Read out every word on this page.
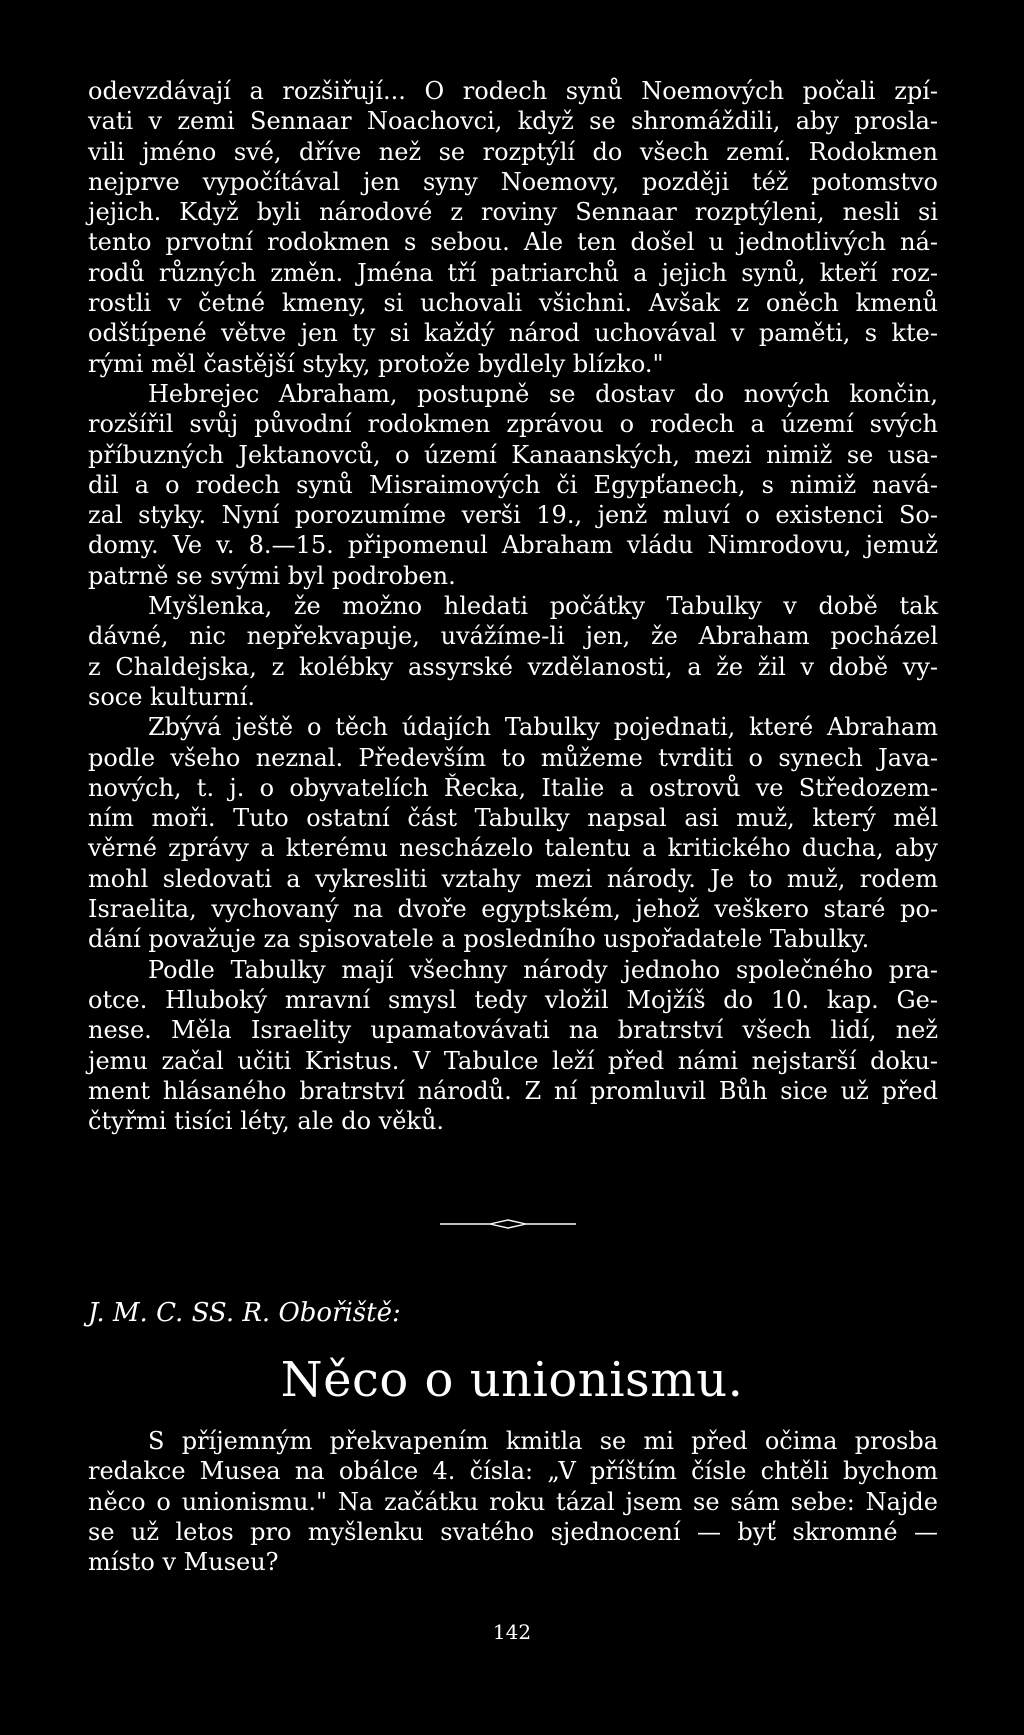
odevzdávají a rozšiřují... O rodech synů Noemových počali zpí-
vati v zemi Sennaar Noachovci, když se shromáždili, aby prosla-
vili jméno své, dříve než se rozptýlí do všech zemí. Rodokmen
nejprve vypočítával jen syny Noemovy, později též potomstvo
jejich. Když byli národové z roviny Sennaar rozptýleni, nesli si
tento prvotní rodokmen s sebou. Ale ten došel u jednotlivých ná-
rodů různých změn. Jména tří patriarchů a jejich synů, kteří roz-
rostli v četné kmeny, si uchovali všichni. Avšak z oněch kmenů
odštípené větve jen ty si každý národ uchovával v paměti, s kte-
rými měl častější styky, protože bydlely blízko."

Hebrejec Abraham, postupně se dostav do nových končin,
rozšířil svůj původní rodokmen zprávou o rodech a území svých
příbuzných Jektanovců, o území Kanaanských, mezi nimiž se usa-
dil a o rodech synů Misraimových či Egypťanech, s nimiž navá-
zal styky. Nyní porozumíme verši 19., jenž mluví o existenci So-
domy. Ve v. 8.—15. připomenul Abraham vládu Nimrodovu, jemuž
patrně se svými byl podroben.

Myšlenka, že možno hledati počátky Tabulky v době tak
dávné, nic nepřekvapuje, uvážíme-li jen, že Abraham pocházel
z Chaldejska, z kolébky assyrské vzdělanosti, a že žil v době vy-
soce kulturní.

Zbývá ještě o těch údajích Tabulky pojednati, které Abraham
podle všeho neznal. Především to můžeme tvrditi o synech Java-
nových, t. j. o obyvatelích Řecka, Italie a ostrovů ve Středozem-
ním moři. Tuto ostatní část Tabulky napsal asi muž, který měl
věrné zprávy a kterému nescházelo talentu a kritického ducha, aby
mohl sledovati a vykresliti vztahy mezi národy. Je to muž, rodem
Israelita, vychovaný na dvoře egyptském, jehož veškero staré po-
dání považuje za spisovatele a posledního uspořadatele Tabulky.

Podle Tabulky mají všechny národy jednoho společného pra-
otce. Hluboký mravní smysl tedy vložil Mojžíš do 10. kap. Ge-
nese. Měla Israelity upamatovávati na bratrství všech lidí, než
jemu začal učiti Kristus. V Tabulce leží před námi nejstarší doku-
ment hlásaného bratrství národů. Z ní promluvil Bůh sice už před
čtyřmi tisíci léty, ale do věků.

J. M. C. SS. R. Obořiště:
Něco o unionismu.

S příjemným překvapením kmitla se mi před očima prosba
redakce Musea na obálce 4. čísla: „V příštím čísle chtěli bychom
něco o unionismu." Na začátku roku tázal jsem se sám sebe: Najde
se už letos pro myšlenku svatého sjednocení — byť skromné —
místo v Museu?

142
